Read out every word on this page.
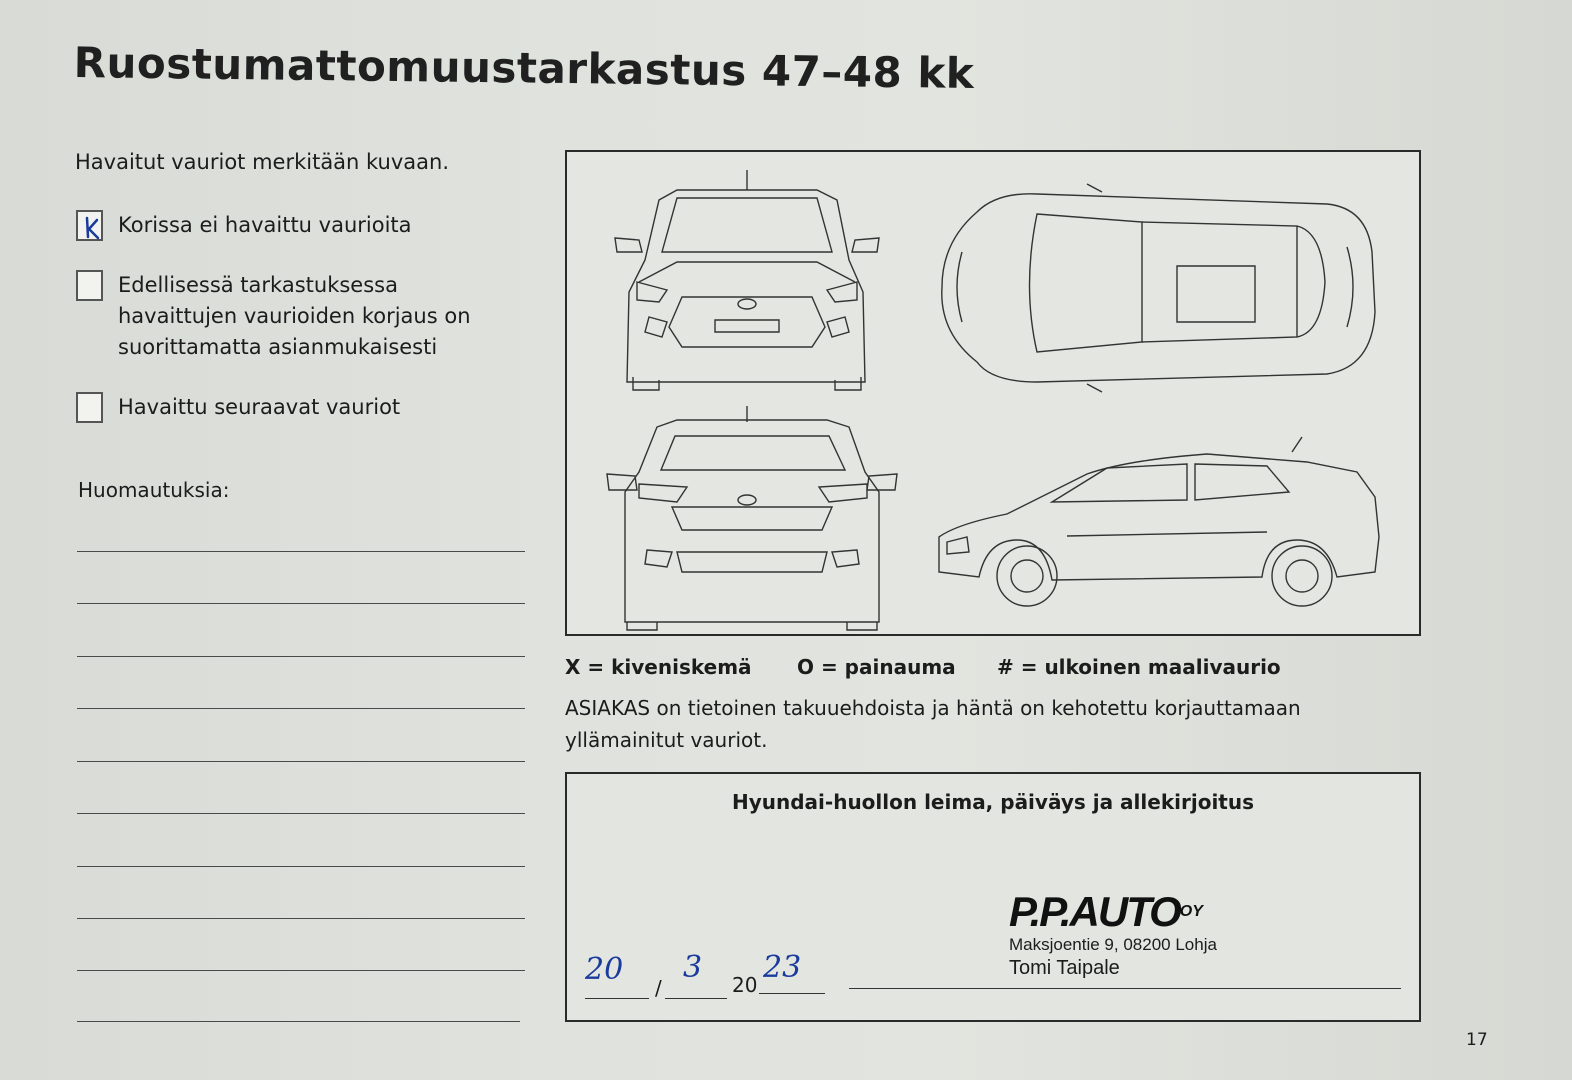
Ruostumattomuustarkastus 47–48 kk
Havaitut vauriot merkitään kuvaan.
Korissa ei havaittu vaurioita
Edellisessä tarkastuksessa
havaittujen vaurioiden korjaus on
suorittamatta asianmukaisesti
Havaittu seuraavat vauriot
Huomautuksia:
X = kiveniskemä O = painauma # = ulkoinen maalivaurio
ASIAKAS on tietoinen takuuehdoista ja häntä on kehotettu korjauttamaan
yllämainitut vauriot.
Hyundai-huollon leima, päiväys ja allekirjoitus
$P.P.AUTO^{OY}$
Maksjoentie 9, 08200 Lohja
Tomi Taipale
20
/
3 20 23
17
